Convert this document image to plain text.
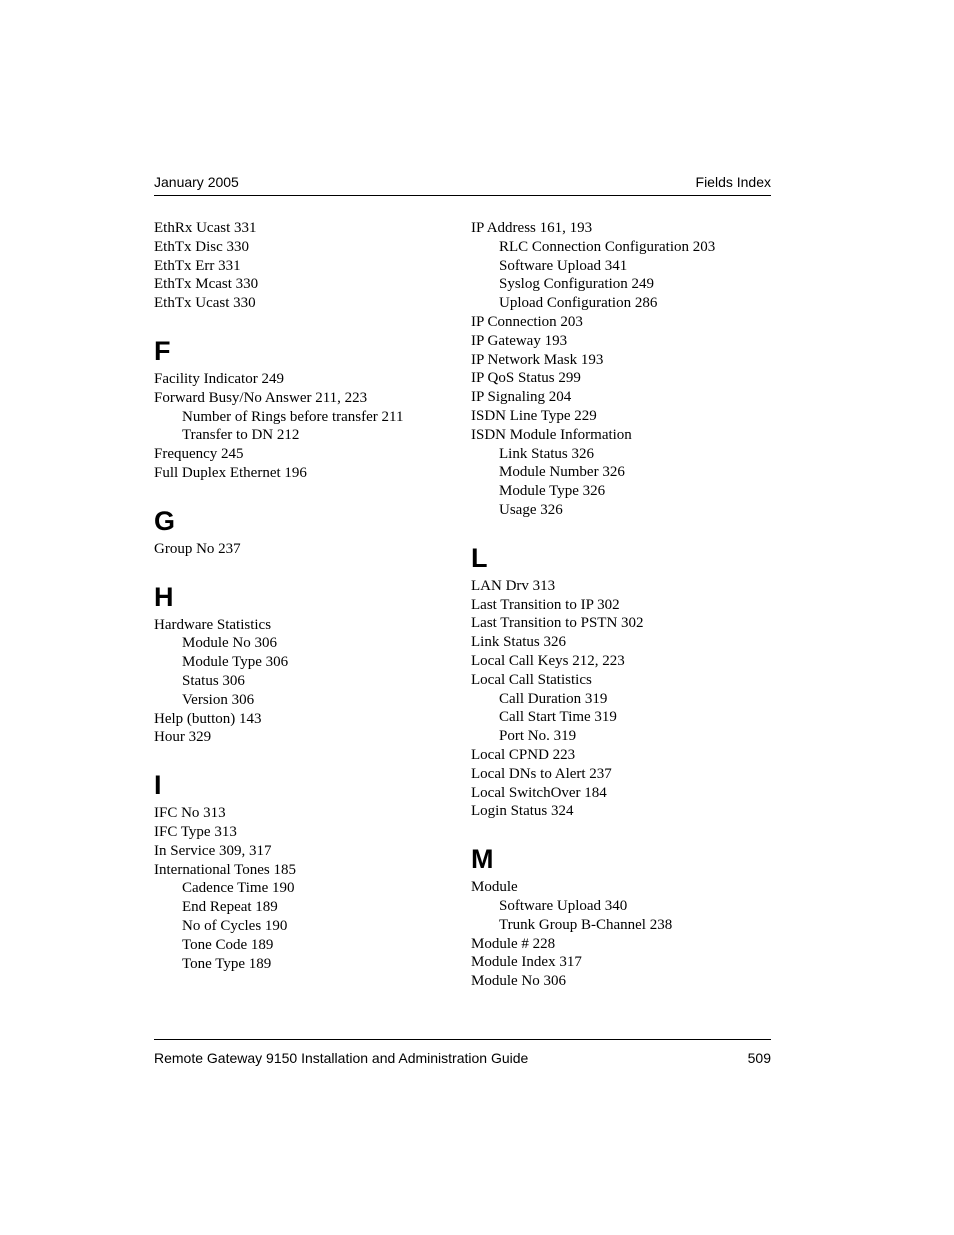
January 2005	Fields Index
EthRx Ucast 331
EthTx Disc 330
EthTx Err 331
EthTx Mcast 330
EthTx Ucast 330
F
Facility Indicator 249
Forward Busy/No Answer 211, 223
Number of Rings before transfer 211
Transfer to DN 212
Frequency 245
Full Duplex Ethernet 196
G
Group No 237
H
Hardware Statistics
Module No 306
Module Type 306
Status 306
Version 306
Help (button) 143
Hour 329
I
IFC No 313
IFC Type 313
In Service 309, 317
International Tones 185
Cadence Time 190
End Repeat 189
No of Cycles 190
Tone Code 189
Tone Type 189
IP Address 161, 193
RLC Connection Configuration 203
Software Upload 341
Syslog Configuration 249
Upload Configuration 286
IP Connection 203
IP Gateway 193
IP Network Mask 193
IP QoS Status 299
IP Signaling 204
ISDN Line Type 229
ISDN Module Information
Link Status 326
Module Number 326
Module Type 326
Usage 326
L
LAN Drv 313
Last Transition to IP 302
Last Transition to PSTN 302
Link Status 326
Local Call Keys 212, 223
Local Call Statistics
Call Duration 319
Call Start Time 319
Port No. 319
Local CPND 223
Local DNs to Alert 237
Local SwitchOver 184
Login Status 324
M
Module
Software Upload 340
Trunk Group B-Channel 238
Module # 228
Module Index 317
Module No 306
Remote Gateway 9150 Installation and Administration Guide	509
